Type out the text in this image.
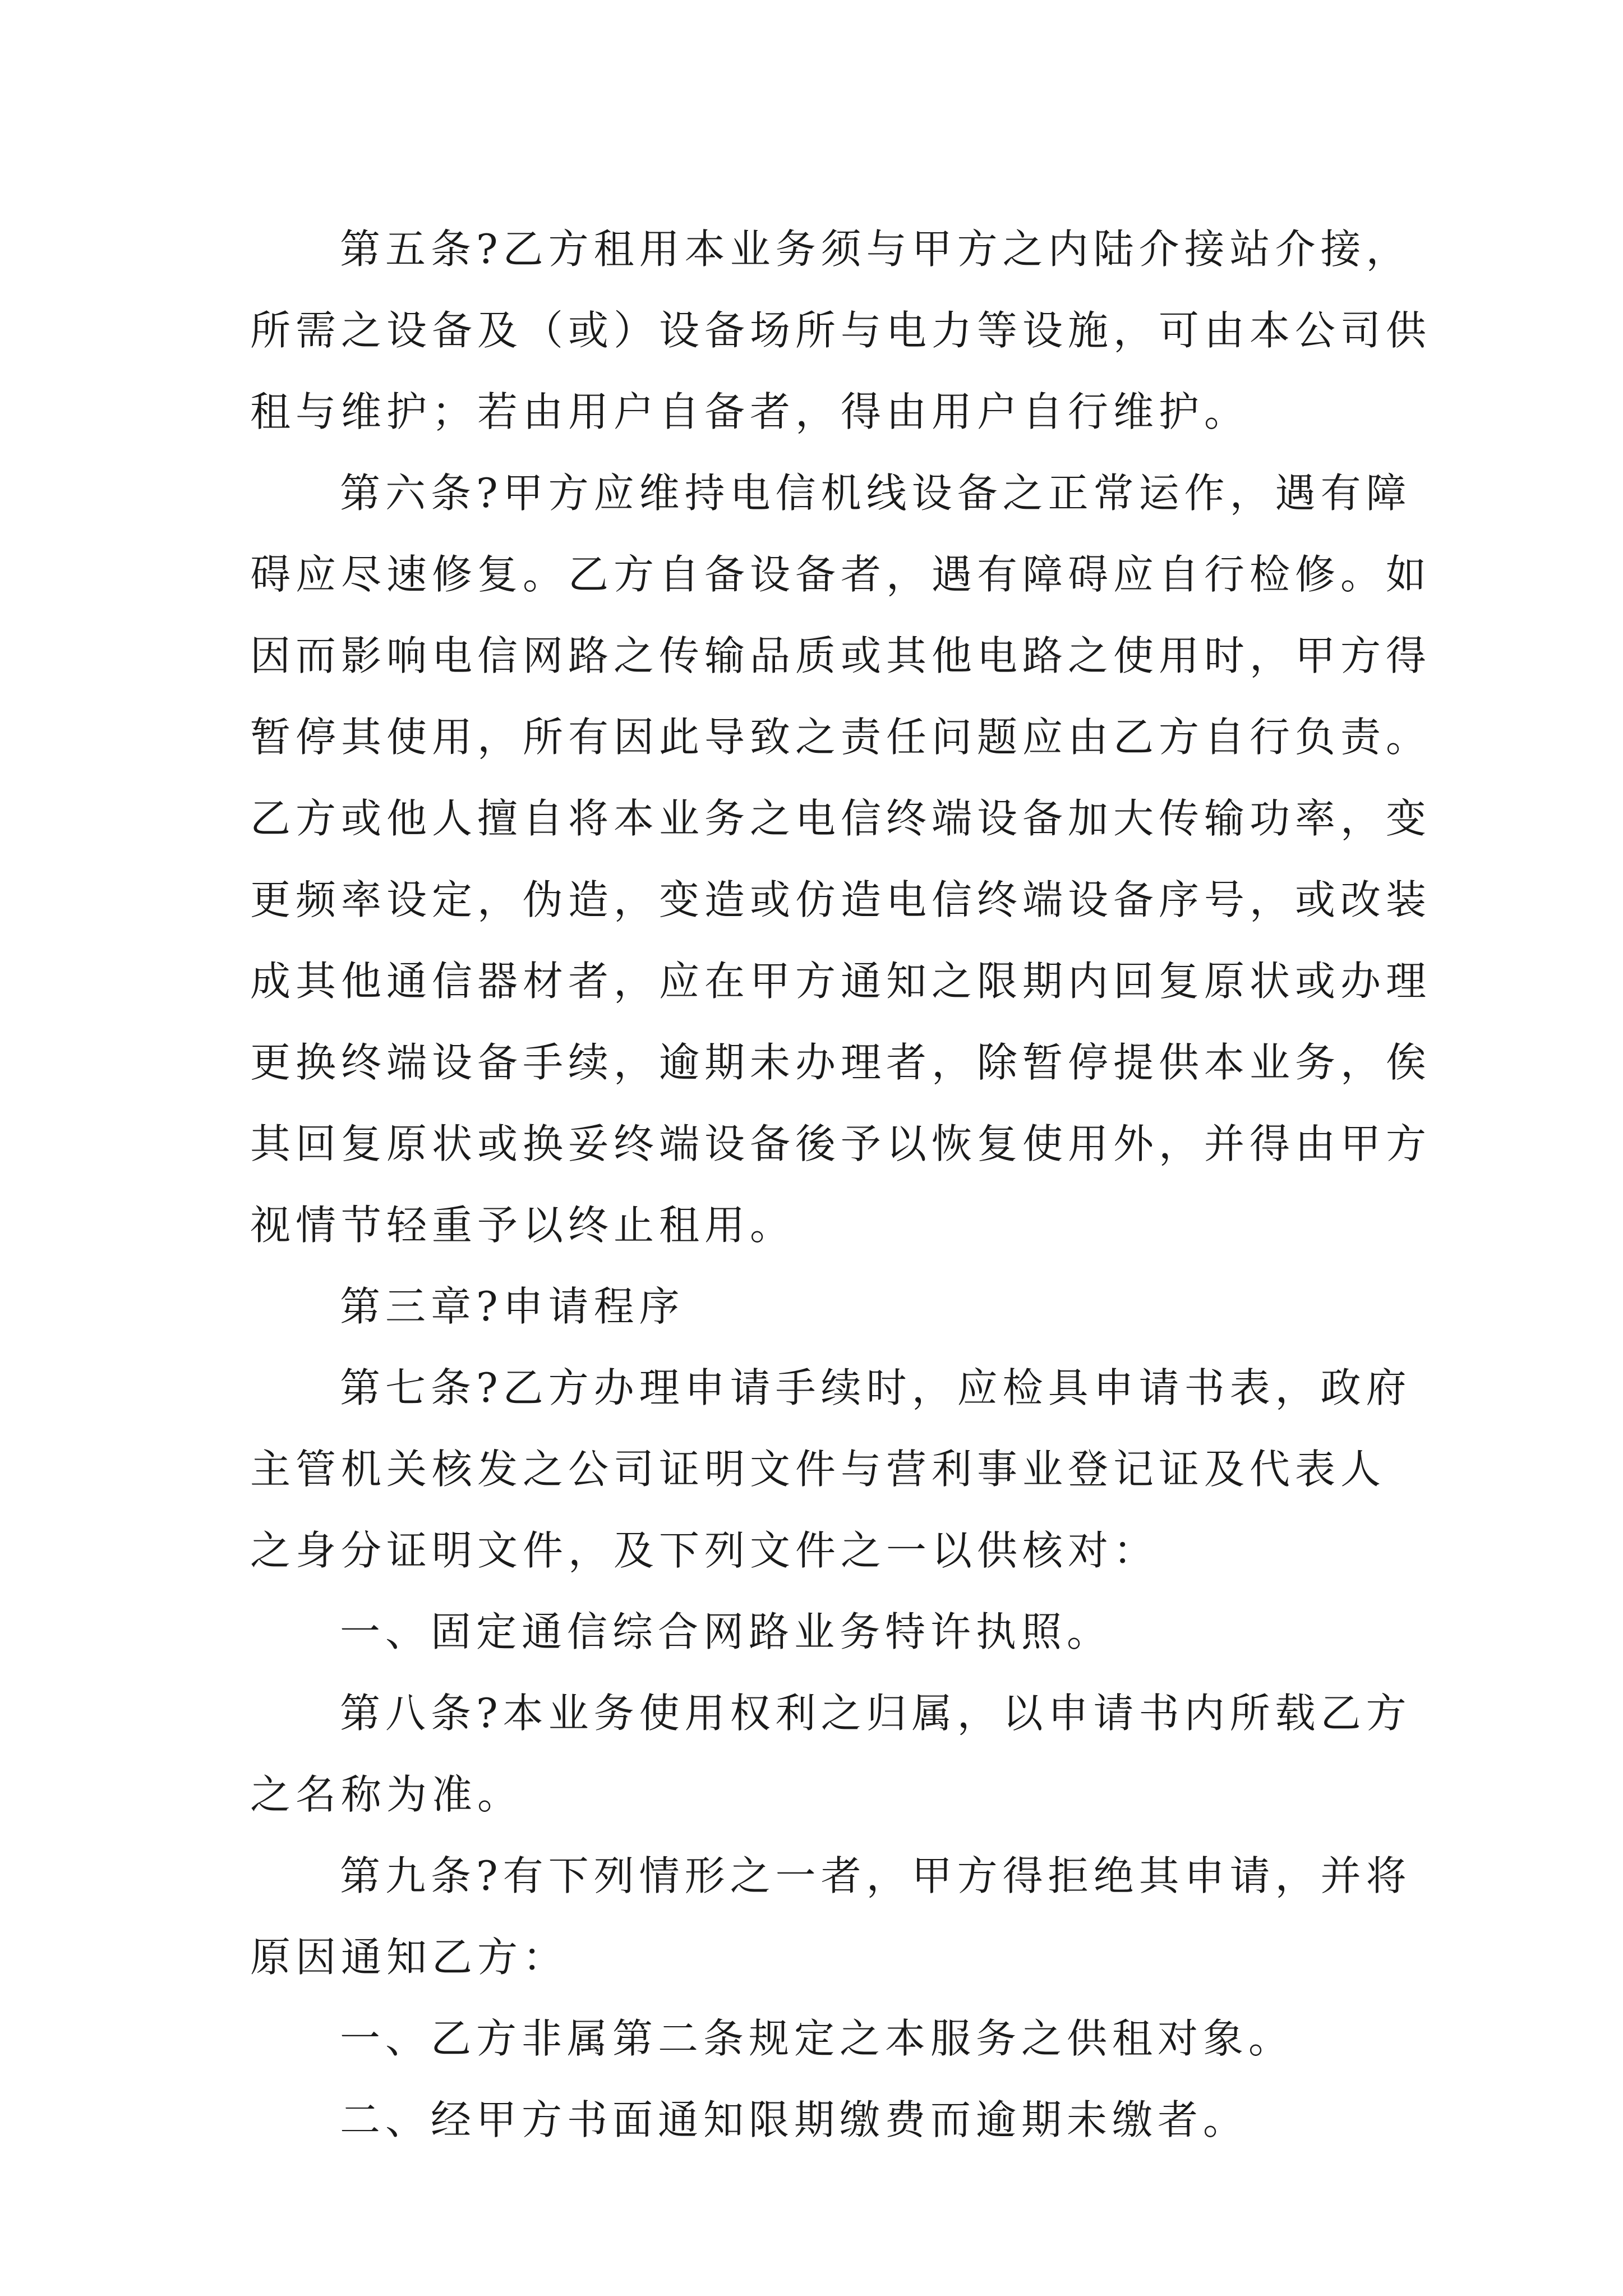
第五条?乙方租用本业务须与甲方之内陆介接站介接，
所需之设备及（或）设备场所与电力等设施，可由本公司供
租与维护；若由用户自备者，得由用户自行维护。
第六条?甲方应维持电信机线设备之正常运作，遇有障
碍应尽速修复。乙方自备设备者，遇有障碍应自行检修。如
因而影响电信网路之传输品质或其他电路之使用时，甲方得
暂停其使用，所有因此导致之责任问题应由乙方自行负责。
乙方或他人擅自将本业务之电信终端设备加大传输功率，变
更频率设定，伪造，变造或仿造电信终端设备序号，或改装
成其他通信器材者，应在甲方通知之限期内回复原状或办理
更换终端设备手续，逾期未办理者，除暂停提供本业务，俟
其回复原状或换妥终端设备後予以恢复使用外，并得由甲方
视情节轻重予以终止租用。
第三章?申请程序
第七条?乙方办理申请手续时，应检具申请书表，政府
主管机关核发之公司证明文件与营利事业登记证及代表人
之身分证明文件，及下列文件之一以供核对：
一、固定通信综合网路业务特许执照。
第八条?本业务使用权利之归属，以申请书内所载乙方
之名称为准。
第九条?有下列情形之一者，甲方得拒绝其申请，并将
原因通知乙方：
一、乙方非属第二条规定之本服务之供租对象。
二、经甲方书面通知限期缴费而逾期未缴者。
